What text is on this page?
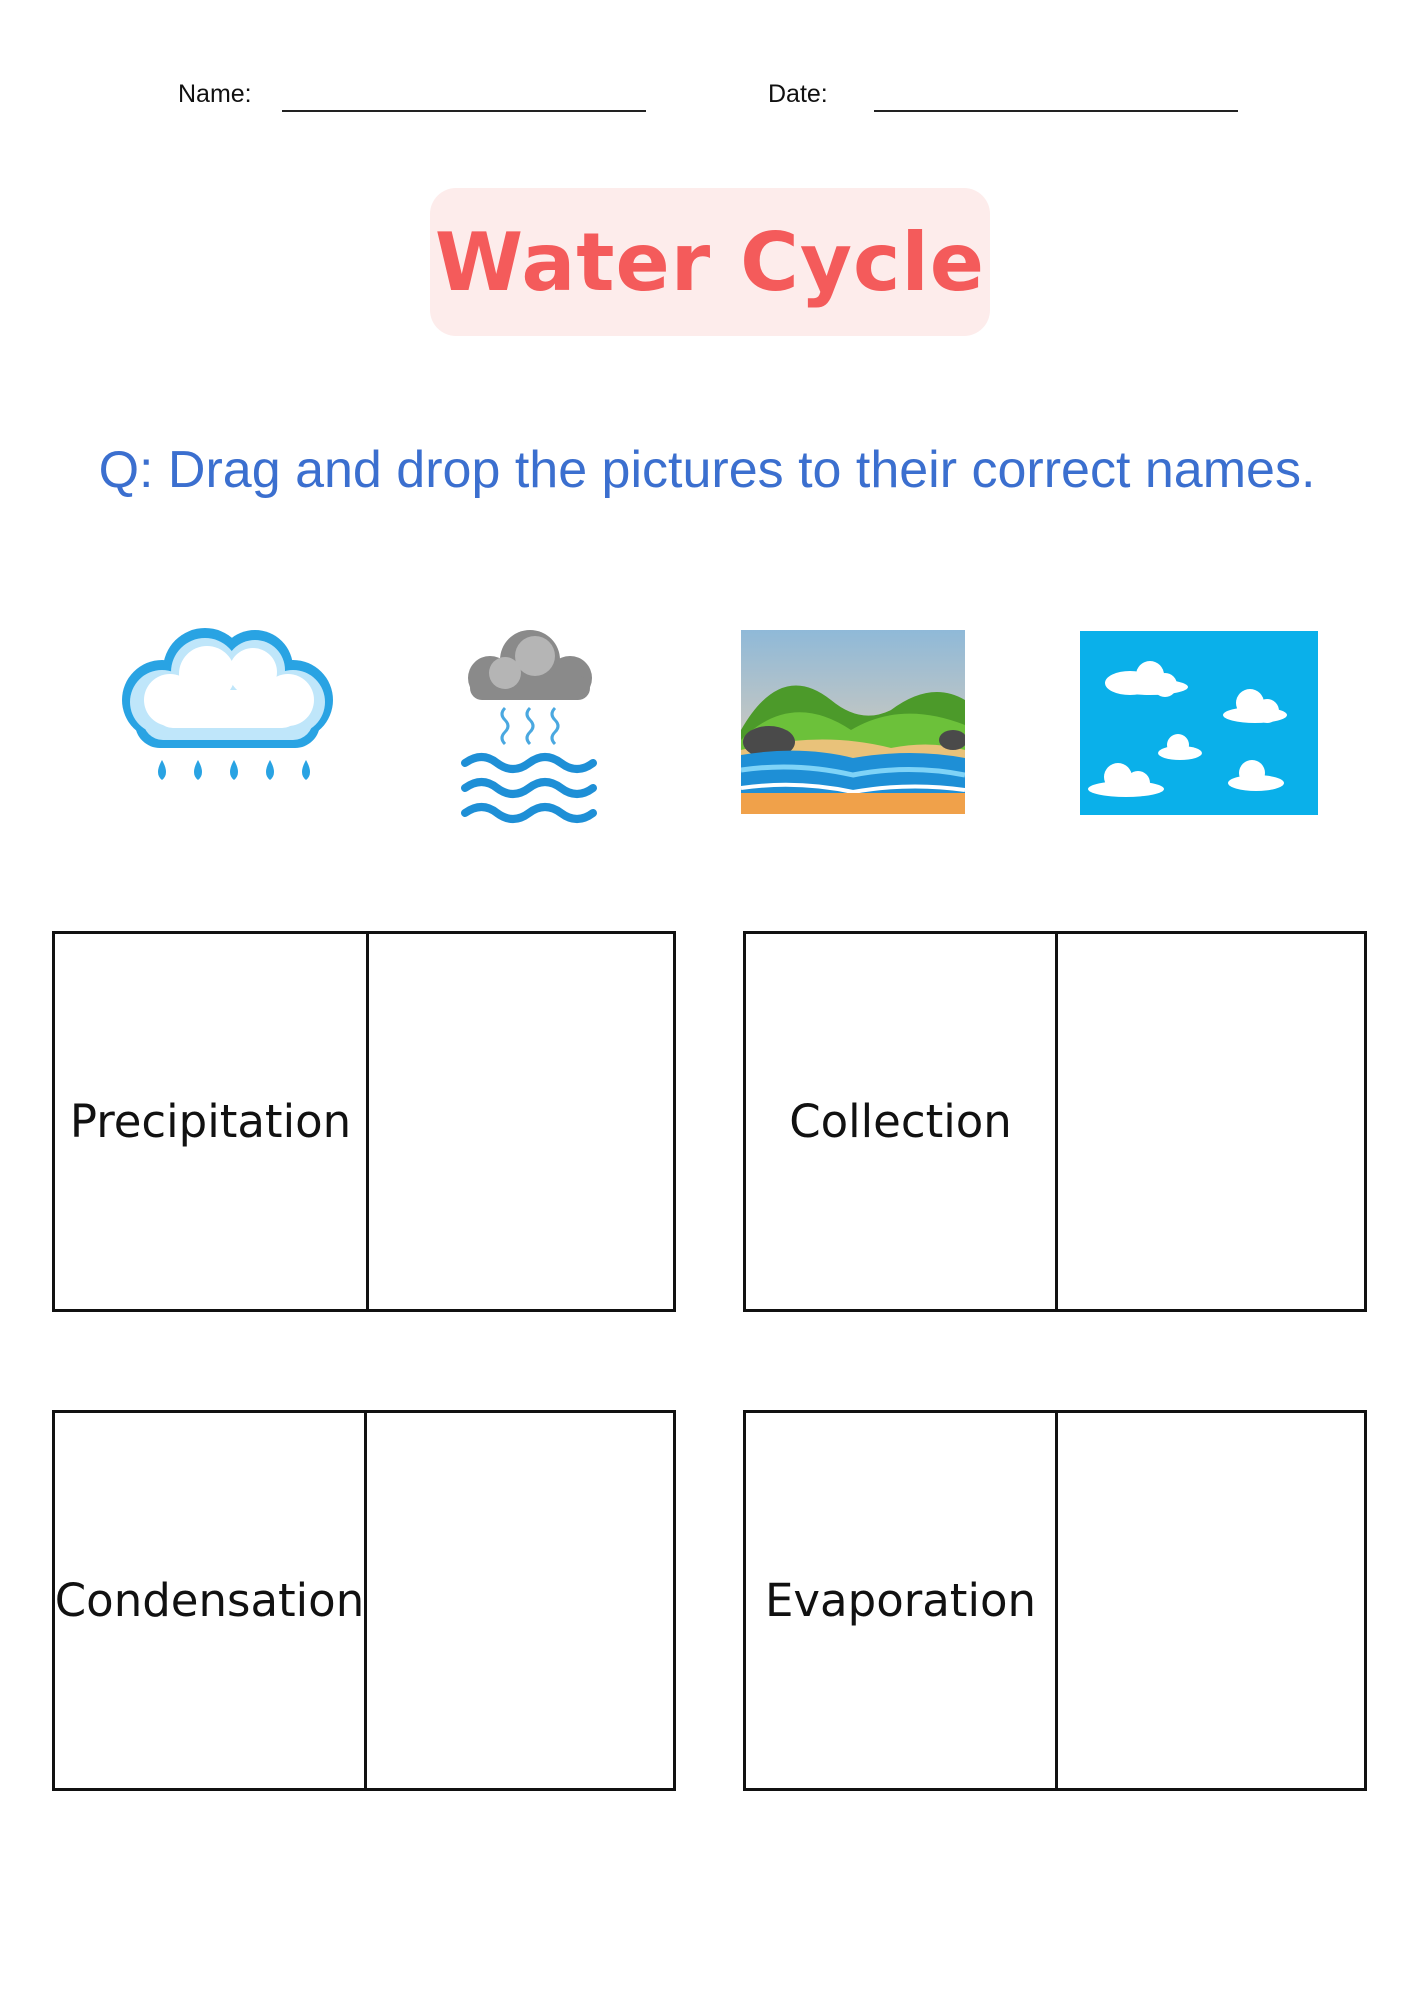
Name:	Date:
Water Cycle
Q: Drag and drop the pictures to their correct names.
Precipitation	Collection
Condensation	Evaporation
